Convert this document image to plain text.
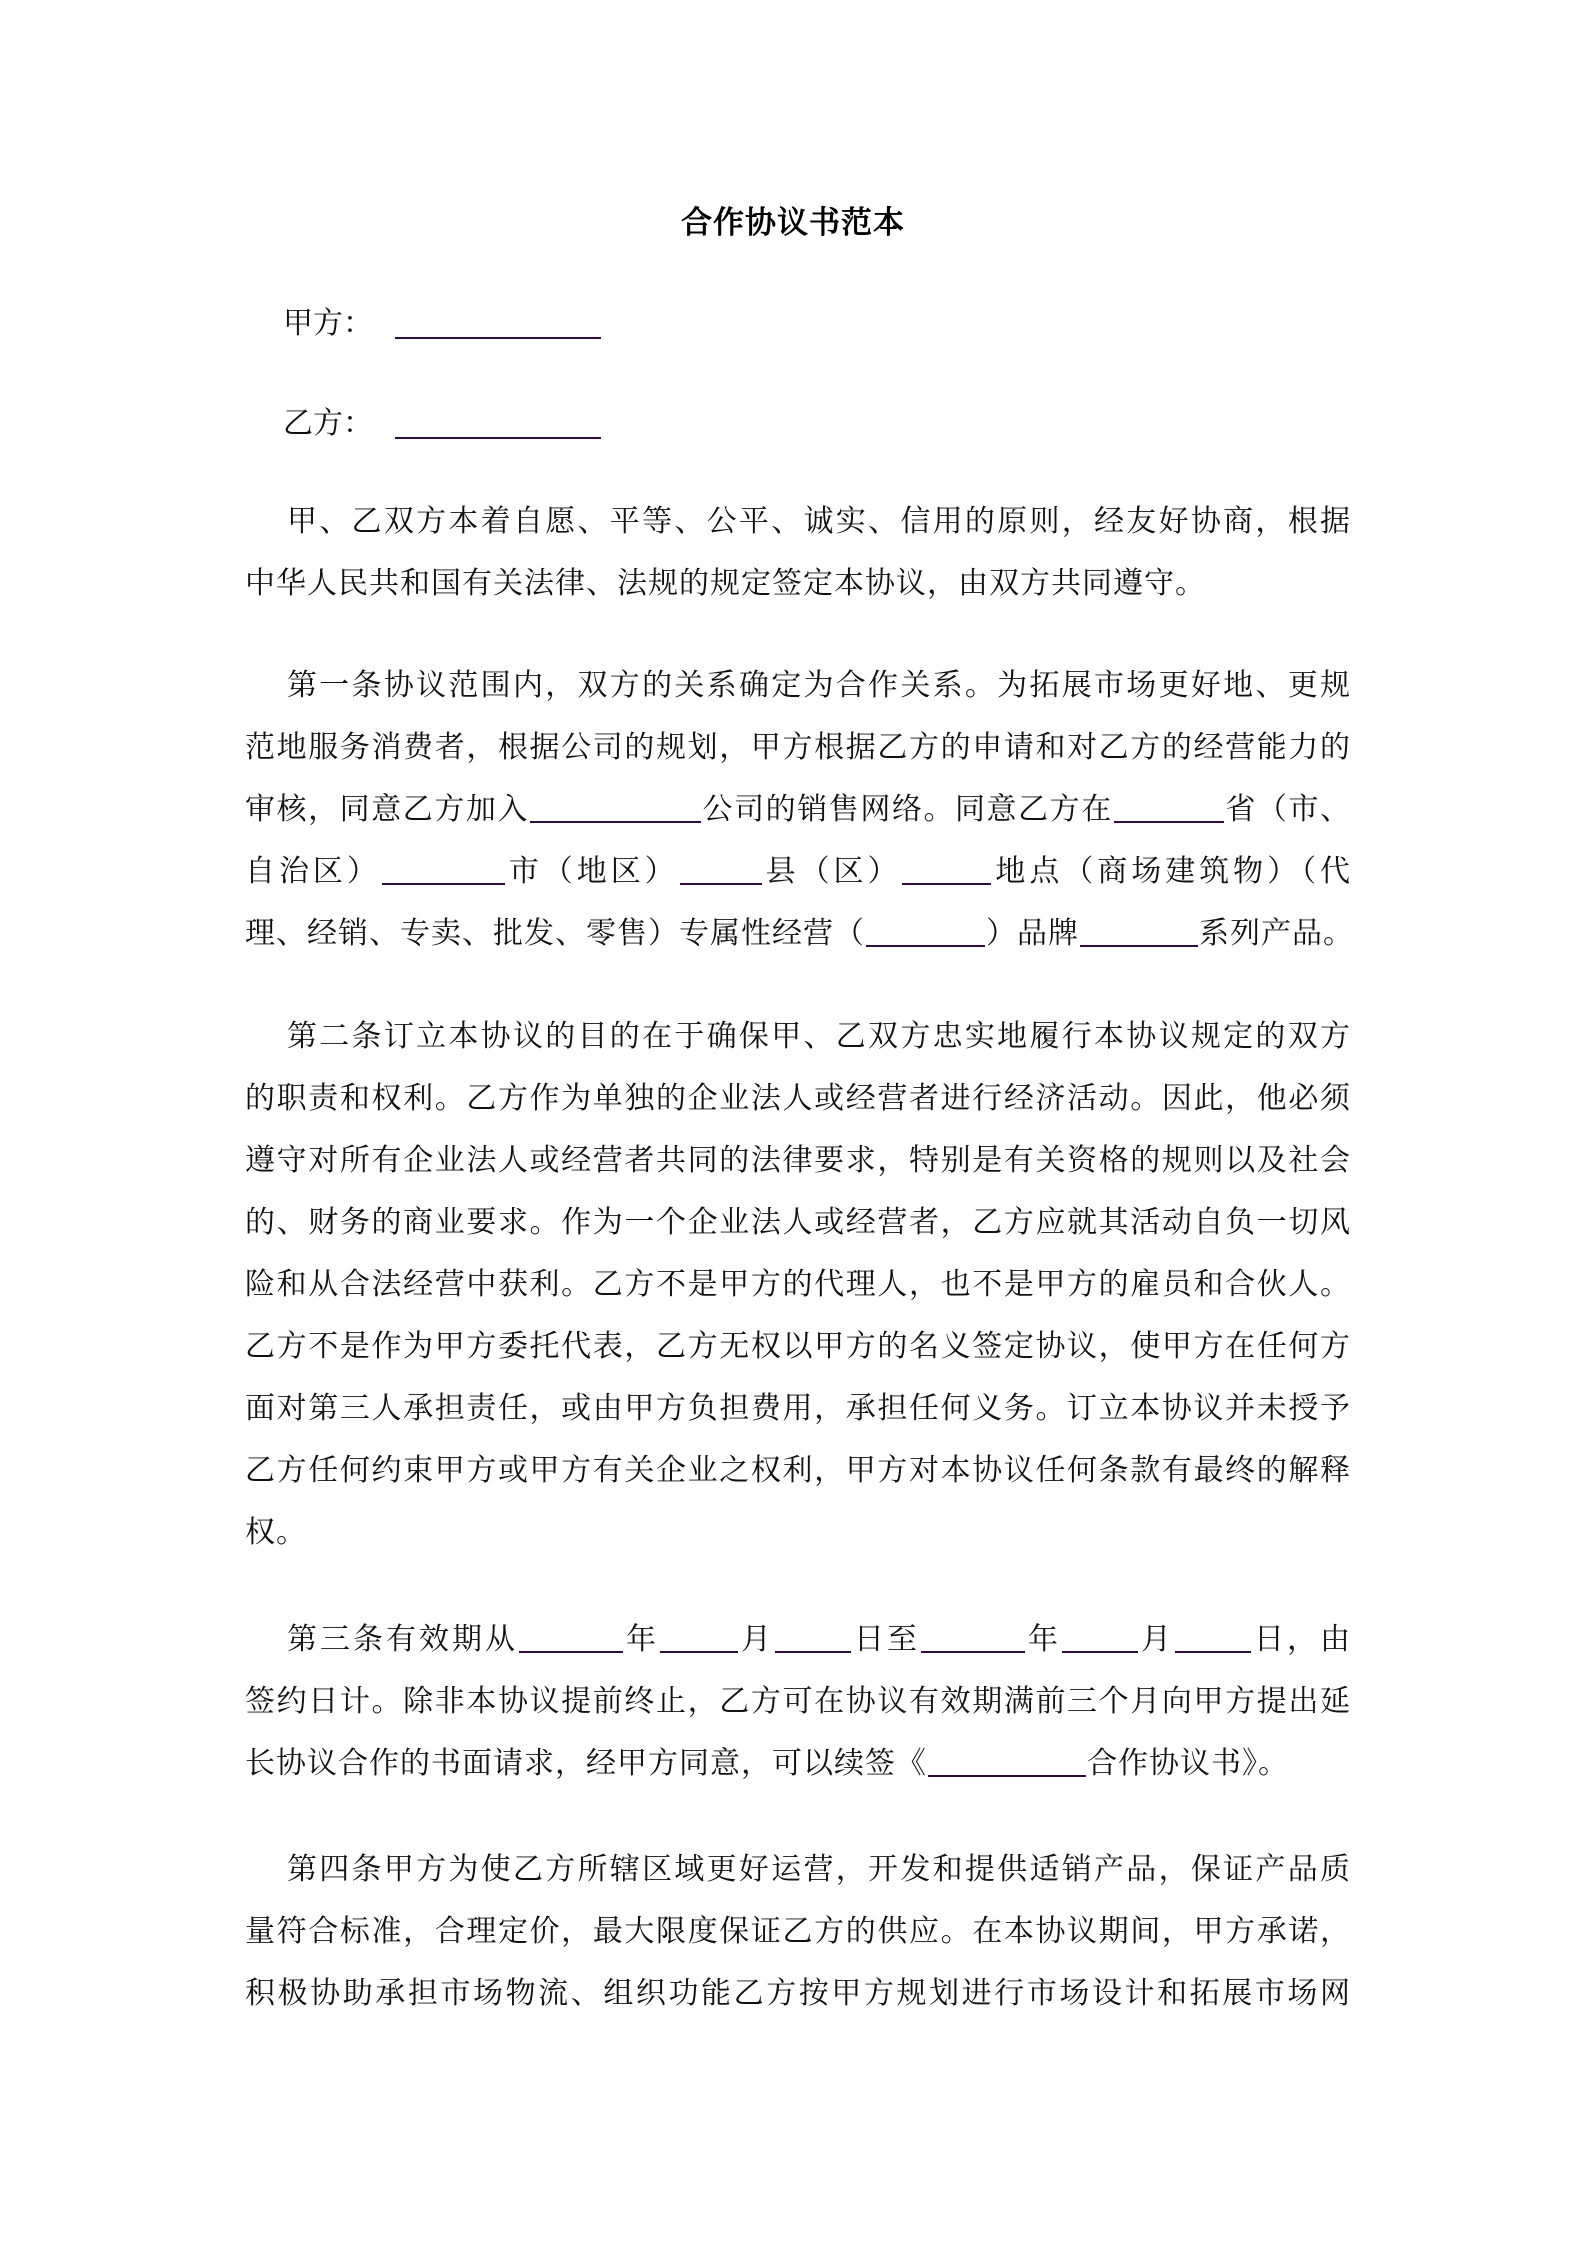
合作协议书范本
甲方：
乙方：
甲、乙双方本着自愿、平等、公平、诚实、信用的原则，经友好协商，根据
中华人民共和国有关法律、法规的规定签定本协议，由双方共同遵守。
第一条协议范围内，双方的关系确定为合作关系。为拓展市场更好地、更规
范地服务消费者，根据公司的规划，甲方根据乙方的申请和对乙方的经营能力的
审核，同意乙方加入	公司的销售网络。同意乙方在	省（市、
自治区）	市（地区）	县（区）	地点（商场建筑物）（代
理、经销、专卖、批发、零售）专属性经营（	）品牌	系列产品。
第二条订立本协议的目的在于确保甲、乙双方忠实地履行本协议规定的双方
的职责和权利。乙方作为单独的企业法人或经营者进行经济活动。因此，他必须
遵守对所有企业法人或经营者共同的法律要求，特别是有关资格的规则以及社会
的、财务的商业要求。作为一个企业法人或经营者，乙方应就其活动自负一切风
险和从合法经营中获利。乙方不是甲方的代理人，也不是甲方的雇员和合伙人。
乙方不是作为甲方委托代表，乙方无权以甲方的名义签定协议，使甲方在任何方
面对第三人承担责任，或由甲方负担费用，承担任何义务。订立本协议并未授予
乙方任何约束甲方或甲方有关企业之权利，甲方对本协议任何条款有最终的解释
权。
第三条有效期从	年	月	日至	年	月	日，由
签约日计。除非本协议提前终止，乙方可在协议有效期满前三个月向甲方提出延
长协议合作的书面请求，经甲方同意，可以续签《	合作协议书》。
第四条甲方为使乙方所辖区域更好运营，开发和提供适销产品，保证产品质
量符合标准，合理定价，最大限度保证乙方的供应。在本协议期间，甲方承诺，
积极协助承担市场物流、组织功能乙方按甲方规划进行市场设计和拓展市场网
